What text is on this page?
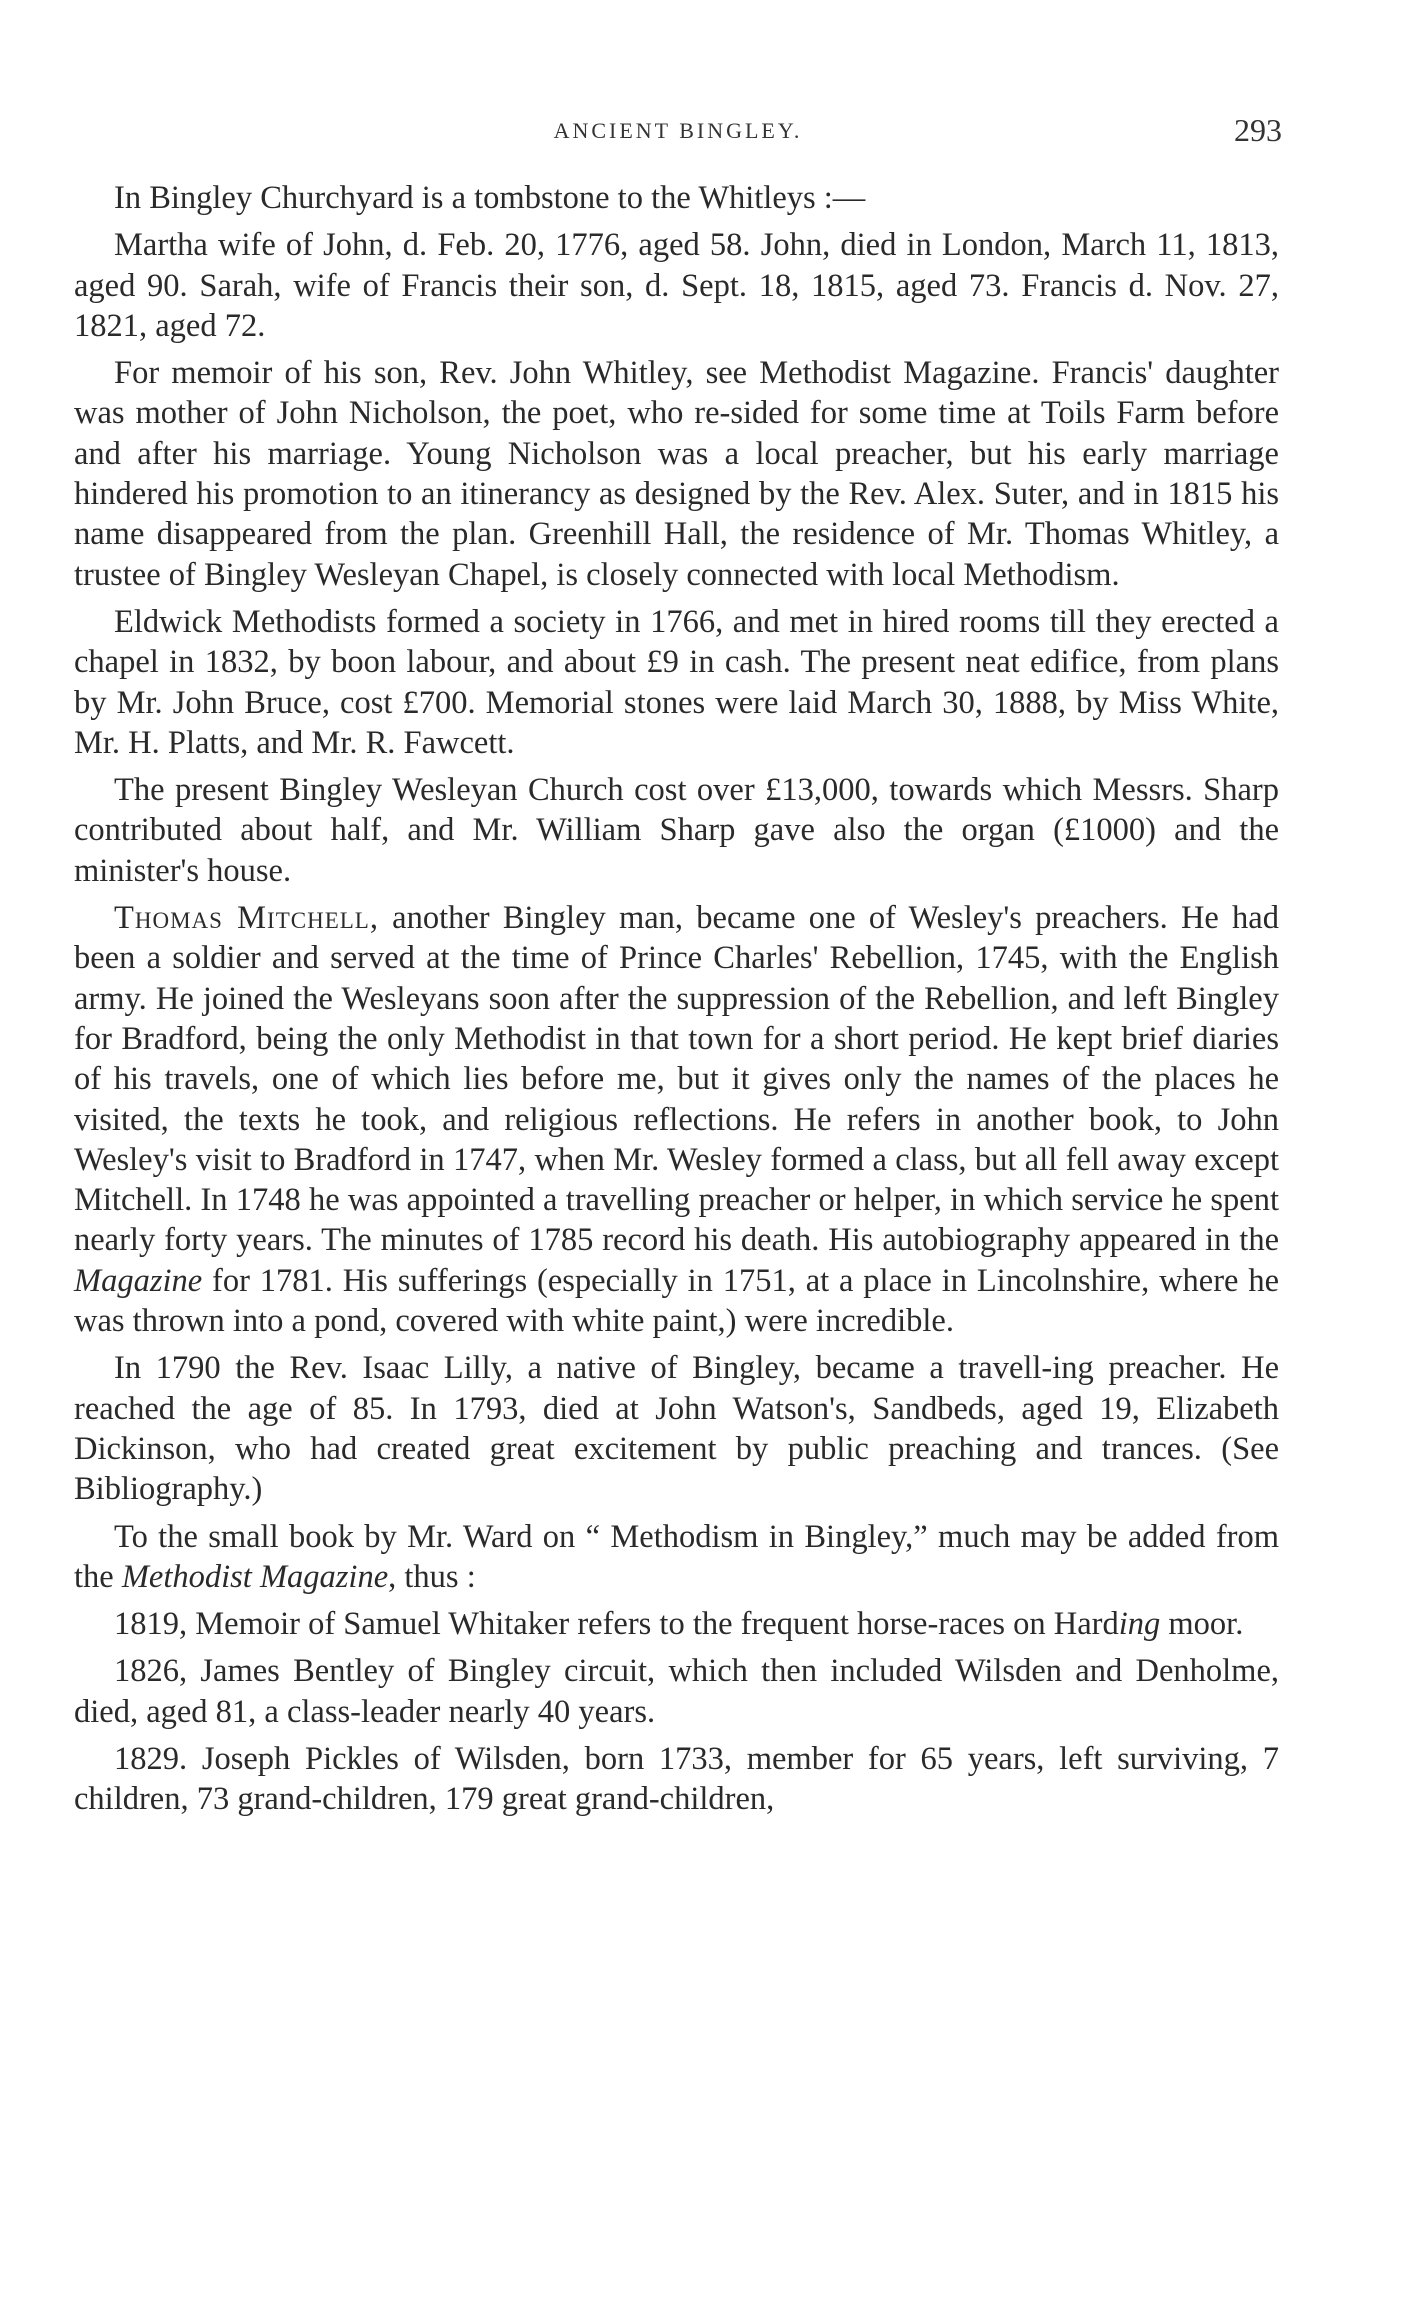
ANCIENT BINGLEY.	293

In Bingley Churchyard is a tombstone to the Whitleys :—

Martha wife of John, d. Feb. 20, 1776, aged 58. John, died in London, March 11, 1813, aged 90. Sarah, wife of Francis their son, d. Sept. 18, 1815, aged 73. Francis d. Nov. 27, 1821, aged 72.

For memoir of his son, Rev. John Whitley, see Methodist Magazine. Francis' daughter was mother of John Nicholson, the poet, who re-sided for some time at Toils Farm before and after his marriage. Young Nicholson was a local preacher, but his early marriage hindered his promotion to an itinerancy as designed by the Rev. Alex. Suter, and in 1815 his name disappeared from the plan. Greenhill Hall, the residence of Mr. Thomas Whitley, a trustee of Bingley Wesleyan Chapel, is closely connected with local Methodism.

Eldwick Methodists formed a society in 1766, and met in hired rooms till they erected a chapel in 1832, by boon labour, and about £9 in cash. The present neat edifice, from plans by Mr. John Bruce, cost £700. Memorial stones were laid March 30, 1888, by Miss White, Mr. H. Platts, and Mr. R. Fawcett.

The present Bingley Wesleyan Church cost over £13,000, towards which Messrs. Sharp contributed about half, and Mr. William Sharp gave also the organ (£1000) and the minister's house.

Thomas Mitchell, another Bingley man, became one of Wesley's preachers. He had been a soldier and served at the time of Prince Charles' Rebellion, 1745, with the English army. He joined the Wesleyans soon after the suppression of the Rebellion, and left Bingley for Bradford, being the only Methodist in that town for a short period. He kept brief diaries of his travels, one of which lies before me, but it gives only the names of the places he visited, the texts he took, and religious reflections. He refers in another book, to John Wesley's visit to Bradford in 1747, when Mr. Wesley formed a class, but all fell away except Mitchell. In 1748 he was appointed a travelling preacher or helper, in which service he spent nearly forty years. The minutes of 1785 record his death. His autobiography appeared in the Magazine for 1781. His sufferings (especially in 1751, at a place in Lincolnshire, where he was thrown into a pond, covered with white paint,) were incredible.

In 1790 the Rev. Isaac Lilly, a native of Bingley, became a travell-ing preacher. He reached the age of 85. In 1793, died at John Watson's, Sandbeds, aged 19, Elizabeth Dickinson, who had created great excitement by public preaching and trances. (See Bibliography.)

To the small book by Mr. Ward on “ Methodism in Bingley,” much may be added from the Methodist Magazine, thus :

1819, Memoir of Samuel Whitaker refers to the frequent horse-races on Harding moor.

1826, James Bentley of Bingley circuit, which then included Wilsden and Denholme, died, aged 81, a class-leader nearly 40 years.

1829. Joseph Pickles of Wilsden, born 1733, member for 65 years, left surviving, 7 children, 73 grand-children, 179 great grand-children,
